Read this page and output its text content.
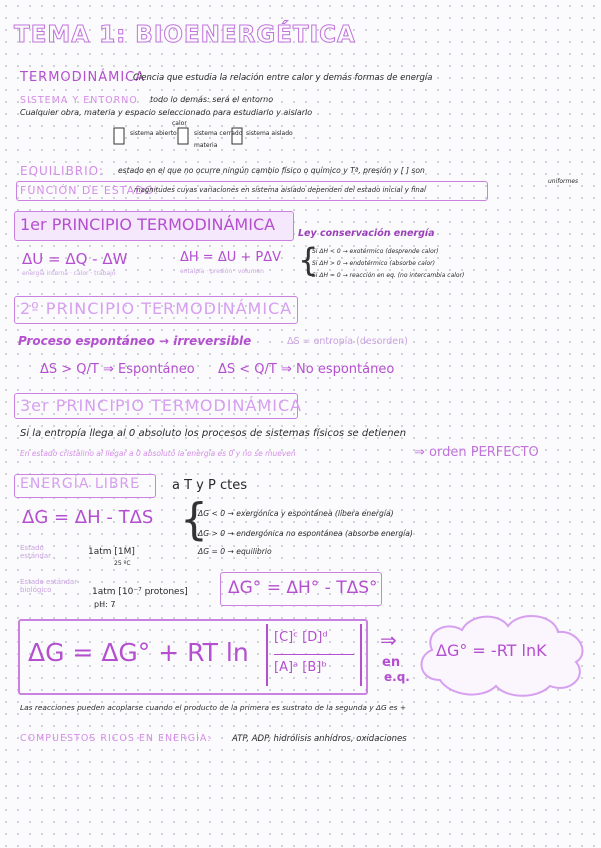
TEMA 1: BIOENERGÉTICA
TERMODINÁMICA
Ciencia que estudia la relación entre calor y demás formas de energía
SISTEMA Y ENTORNO todo lo demás: será el entorno
Cualquier obra, materia y espacio seleccionado para estudiarlo y aislarlo
sistema abierto	sistema cerrado sistema aislado
calor
materia
EQUILIBRIO: estado en el que no ocurre ningún cambio físico o químico y Tª, presión y [ ] son
uniformes
FUNCIÓN DE ESTADO:
magnitudes cuyas variaciones en sistema aislado dependen del estado inicial y final
1er PRINCIPIO TERMODINÁMICA Ley conservación energía
ΔU = ΔQ - ΔW
energía interna · calor · trabajo
ΔH = ΔU + PΔV
entalpía · presión · volumen {
Si ΔH < 0 → exotérmico (desprende calor)
Si ΔH > 0 → endotérmico (absorbe calor)
Si ΔH = 0 → reacción en eq. (no intercambia calor)
2º PRINCIPIO TERMODINÁMICA
Proceso espontáneo → irreversible	ΔS = entropía (desorden)
ΔS > Q/T ⇒ Espontáneo ΔS < Q/T ⇒ No espontáneo
3er PRINCIPIO TERMODINÁMICA
Si la entropía llega al 0 absoluto los procesos de sistemas físicos se detienen
En estado cristalino al llegar a 0 absoluto la energía es 0 y no se mueven	⇒ orden PERFECTO
ENERGÍA LIBRE a T y P ctes
ΔG = ΔH - TΔS {
ΔG < 0 → exergónica y espontánea (libera energía)
ΔG > 0 → endergónica no espontánea (absorbe energía)
ΔG = 0 → equilibrio
Estado estándar	1atm [1M]
25 ºC
Estado estándar biológico	1atm [10⁻⁷ protones]
pH: 7
ΔG° = ΔH° - TΔS°
ΔG = ΔG° + RT ln
[C]ᶜ [D]ᵈ
[A]ᵃ [B]ᵇ
⇒
en
e.q.
ΔG° = -RT lnK
Las reacciones pueden acoplarse cuando el producto de la primera es sustrato de la segunda y ΔG es +
COMPUESTOS RICOS EN ENERGÍA: ATP, ADP, hidrólisis anhídros, oxidaciones
